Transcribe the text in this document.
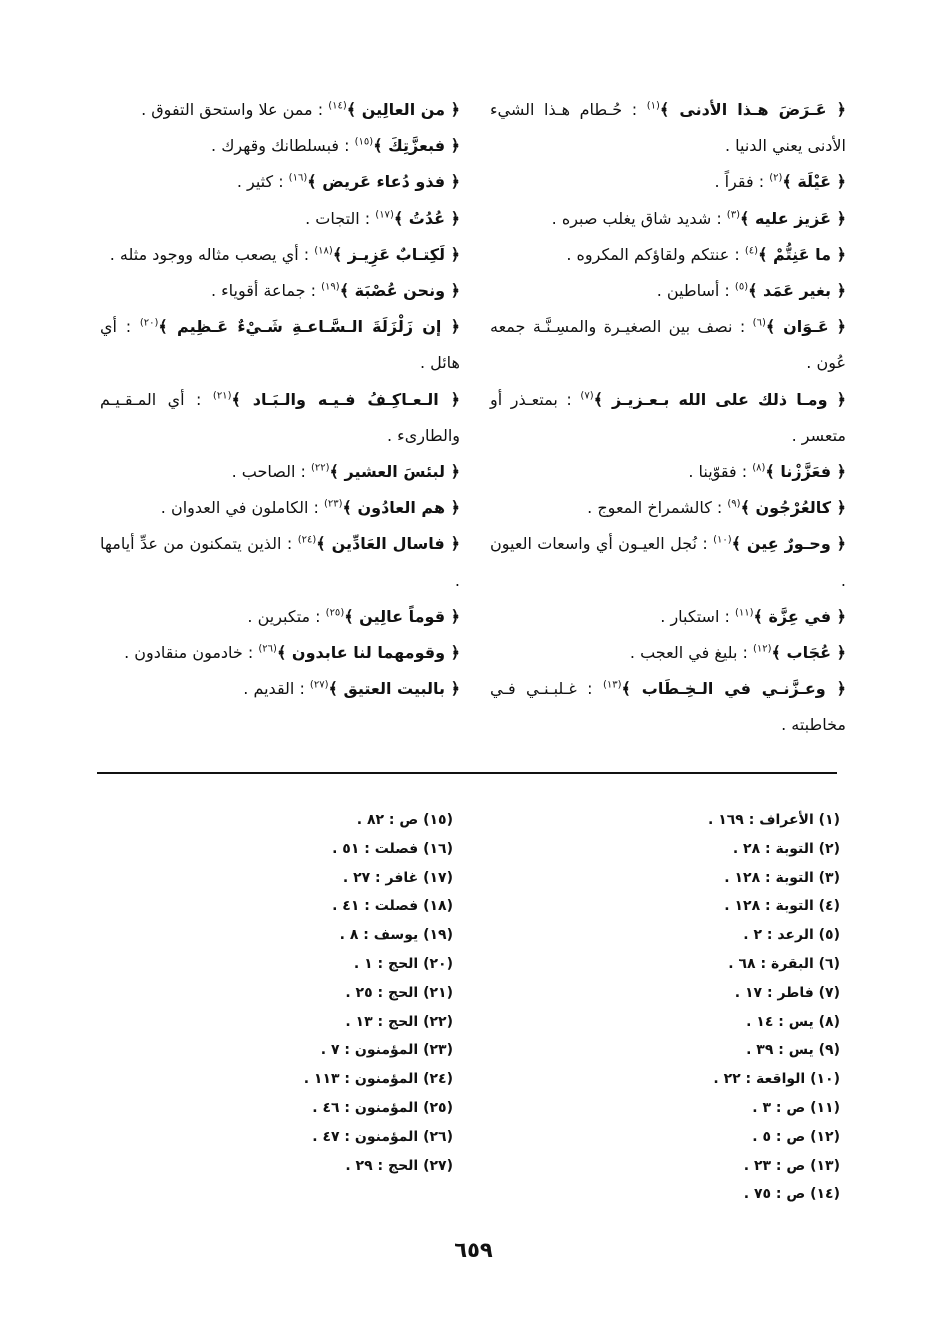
﴿ عَـرَضَ هـذا الأدنى ﴾$^{(١)}$ : حُـطام هـذا الشيء الأدنى يعني الدنيا .
﴿ عَيْلَة ﴾$^{(٢)}$ : فقراً .
﴿ عَزيز عليه ﴾$^{(٣)}$ : شديد شاق يغلب صبره .
﴿ ما عَنِتُّمْ ﴾$^{(٤)}$ : عنتكم ولقاؤكم المكروه .
﴿ بغير عَمَد ﴾$^{(٥)}$ : أساطين .
﴿ عَـوَان ﴾$^{(٦)}$ : نصف بين الصغيـرة والمسِـنَّـة جمعه عُون .
﴿ ومـا ذلك على الله بـعـزيـز ﴾$^{(٧)}$ : بمتعـذر أو متعسر .
﴿ فعَزَّزْنا ﴾$^{(٨)}$ : فقوّينا .
﴿ كالعُرْجُون ﴾$^{(٩)}$ : كالشمراخ المعوج .
﴿ وحـورٌ عِين ﴾$^{(١٠)}$ : نُجل العيـون أي واسعات العيون .
﴿ في عِزَّة ﴾$^{(١١)}$ : استكبار .
﴿ عُجَاب ﴾$^{(١٢)}$ : بليغ في العجب .
﴿ وعـزَّنـي في الـخِـطَاب ﴾$^{(١٣)}$ : غـلبـنـي فـي مخاطبته .
﴿ من العالِين ﴾$^{(١٤)}$ : ممن علا واستحق التفوق .
﴿ فبعزَّتِكَ ﴾$^{(١٥)}$ : فبسلطانك وقهرك .
﴿ فذو دُعاء عَريض ﴾$^{(١٦)}$ : كثير .
﴿ عُدُتُ ﴾$^{(١٧)}$ : التجات .
﴿ لَكِتـابٌ عَزِيـز ﴾$^{(١٨)}$ : أي يصعب مثاله ووجود مثله .
﴿ ونحن عُصْبَة ﴾$^{(١٩)}$ : جماعة أقوياء .
﴿ إن زَلْزَلَةَ الـسَّـاعـةِ شَـيْءٌ عَـظِيم ﴾$^{(٢٠)}$ : أي هائل .
﴿ الـعـاكِـفُ فـيـه والـبَـاد ﴾$^{(٢١)}$ : أي المـقـيـم والطارىء .
﴿ لبئسَ العشير ﴾$^{(٢٢)}$ : الصاحب .
﴿ هم العادُون ﴾$^{(٢٣)}$ : الكاملون في العدوان .
﴿ فاسال العَادِّين ﴾$^{(٢٤)}$ : الذين يتمكنون من عدِّ أيامها .
﴿ قوماً عالِين ﴾$^{(٢٥)}$ : متكبرين .
﴿ وقومهما لنا عابدون ﴾$^{(٢٦)}$ : خادمون منقادون .
﴿ بالبيت العتيق ﴾$^{(٢٧)}$ : القديم .
(١) الأعراف : ١٦٩ .
(٢) التوبة : ٢٨ .
(٣) التوبة : ١٢٨ .
(٤) التوبة : ١٢٨ .
(٥) الرعد : ٢ .
(٦) البقرة : ٦٨ .
(٧) فاطر : ١٧ .
(٨) يس : ١٤ .
(٩) يس : ٣٩ .
(١٠) الواقعة : ٢٢ .
(١١) ص : ٣ .
(١٢) ص : ٥ .
(١٣) ص : ٢٣ .
(١٤) ص : ٧٥ .
(١٥) ص : ٨٢ .
(١٦) فصلت : ٥١ .
(١٧) غافر : ٢٧ .
(١٨) فصلت : ٤١ .
(١٩) يوسف : ٨ .
(٢٠) الحج : ١ .
(٢١) الحج : ٢٥ .
(٢٢) الحج : ١٣ .
(٢٣) المؤمنون : ٧ .
(٢٤) المؤمنون : ١١٣ .
(٢٥) المؤمنون : ٤٦ .
(٢٦) المؤمنون : ٤٧ .
(٢٧) الحج : ٢٩ .
٦٥٩
